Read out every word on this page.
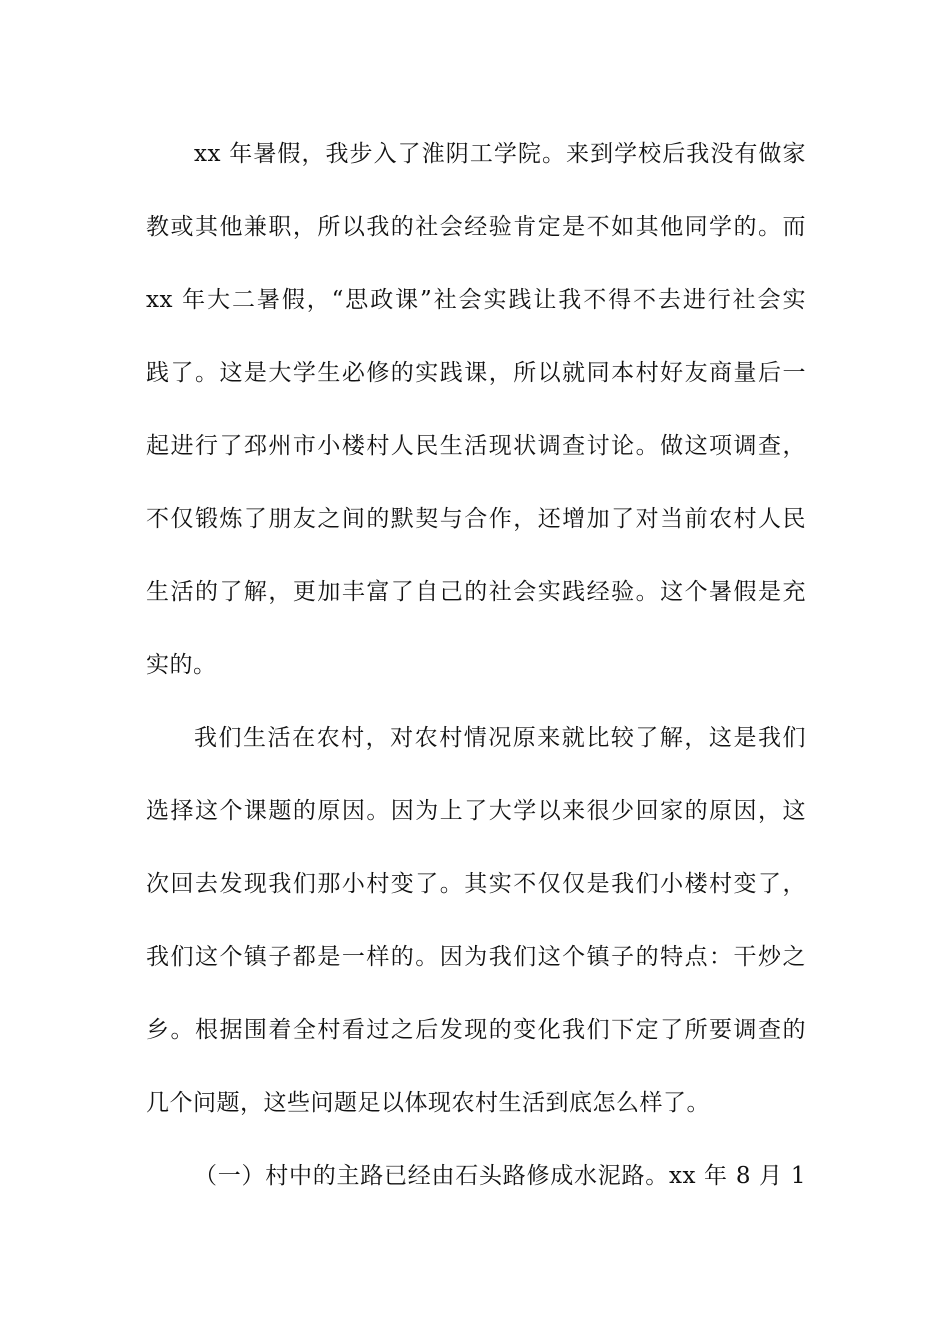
xx 年暑假，我步入了淮阴工学院。来到学校后我没有做家
教或其他兼职，所以我的社会经验肯定是不如其他同学的。而
xx 年大二暑假，“思政课”社会实践让我不得不去进行社会实
践了。这是大学生必修的实践课，所以就同本村好友商量后一
起进行了邳州市小楼村人民生活现状调查讨论。做这项调查，
不仅锻炼了朋友之间的默契与合作，还增加了对当前农村人民
生活的了解，更加丰富了自己的社会实践经验。这个暑假是充
实的。
我们生活在农村，对农村情况原来就比较了解，这是我们
选择这个课题的原因。因为上了大学以来很少回家的原因，这
次回去发现我们那小村变了。其实不仅仅是我们小楼村变了，
我们这个镇子都是一样的。因为我们这个镇子的特点：干炒之
乡。根据围着全村看过之后发现的变化我们下定了所要调查的
几个问题，这些问题足以体现农村生活到底怎么样了。
（一）村中的主路已经由石头路修成水泥路。xx 年 8 月 1
